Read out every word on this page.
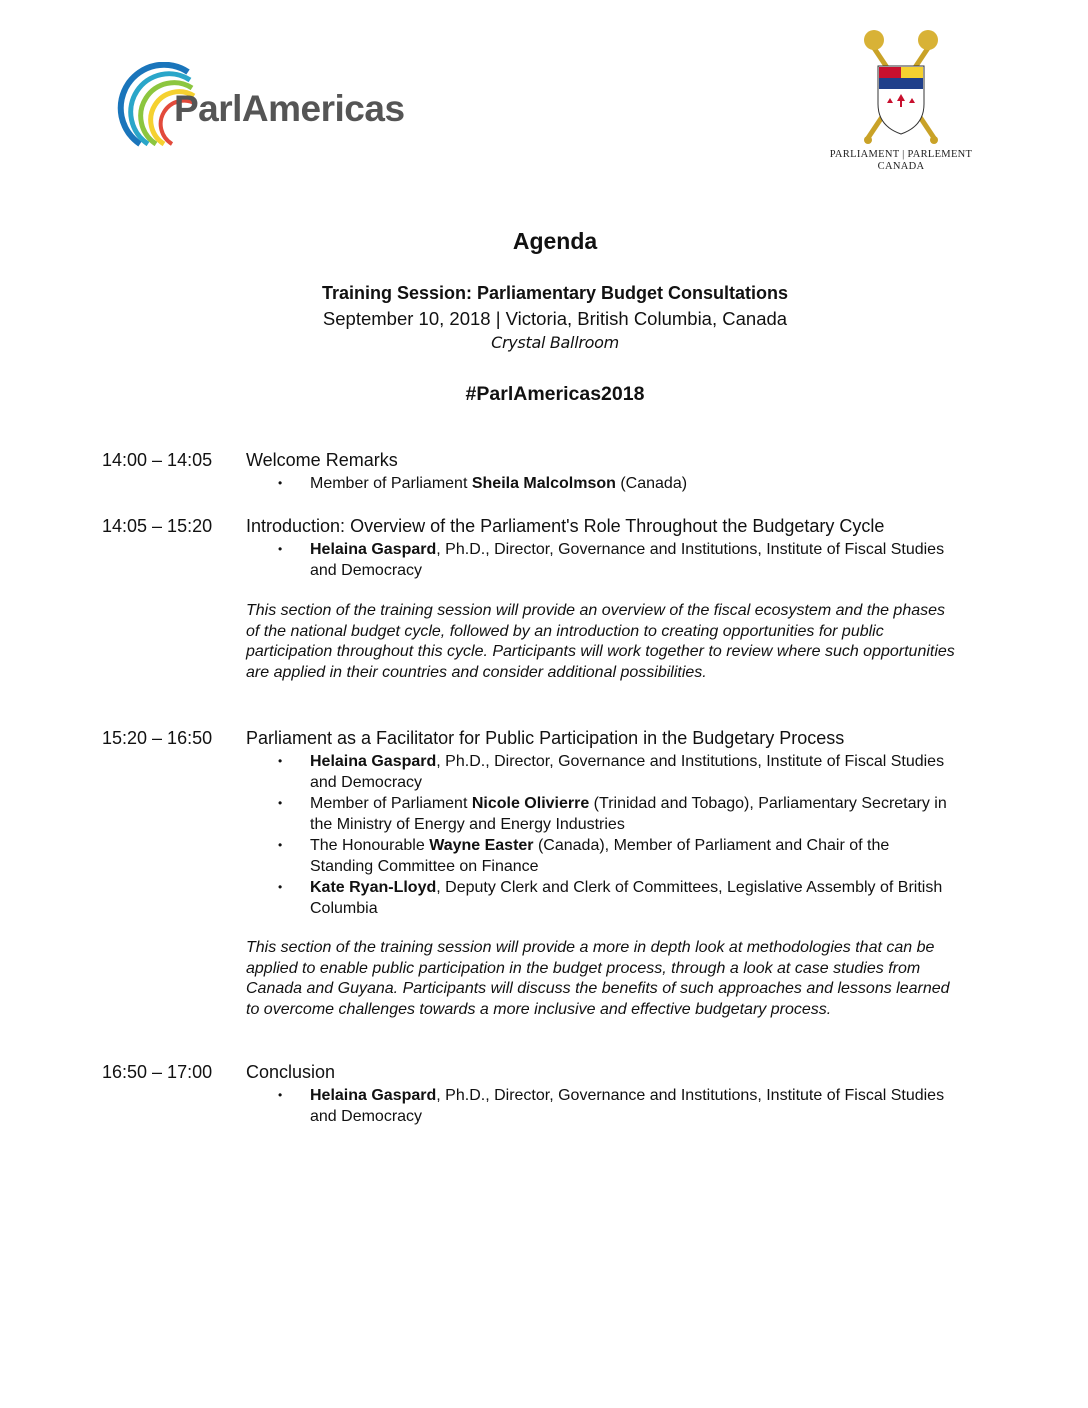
ParlAmericas
PARLIAMENT | PARLEMENT
CANADA
Agenda
Training Session: Parliamentary Budget Consultations
September 10, 2018 | Victoria, British Columbia, Canada
Crystal Ballroom
#ParlAmericas2018
14:00 – 14:05 Welcome Remarks
• Member of Parliament Sheila Malcolmson (Canada)
14:05 – 15:20 Introduction: Overview of the Parliament's Role Throughout the Budgetary Cycle
• Helaina Gaspard, Ph.D., Director, Governance and Institutions, Institute of Fiscal Studies and Democracy

This section of the training session will provide an overview of the fiscal ecosystem and the phases of the national budget cycle, followed by an introduction to creating opportunities for public participation throughout this cycle. Participants will work together to review where such opportunities are applied in their countries and consider additional possibilities.

15:20 – 16:50 Parliament as a Facilitator for Public Participation in the Budgetary Process
• Helaina Gaspard, Ph.D., Director, Governance and Institutions, Institute of Fiscal Studies and Democracy
• Member of Parliament Nicole Olivierre (Trinidad and Tobago), Parliamentary Secretary in the Ministry of Energy and Energy Industries
• The Honourable Wayne Easter (Canada), Member of Parliament and Chair of the Standing Committee on Finance
• Kate Ryan-Lloyd, Deputy Clerk and Clerk of Committees, Legislative Assembly of British Columbia

This section of the training session will provide a more in depth look at methodologies that can be applied to enable public participation in the budget process, through a look at case studies from Canada and Guyana. Participants will discuss the benefits of such approaches and lessons learned to overcome challenges towards a more inclusive and effective budgetary process.

16:50 – 17:00 Conclusion
• Helaina Gaspard, Ph.D., Director, Governance and Institutions, Institute of Fiscal Studies and Democracy
